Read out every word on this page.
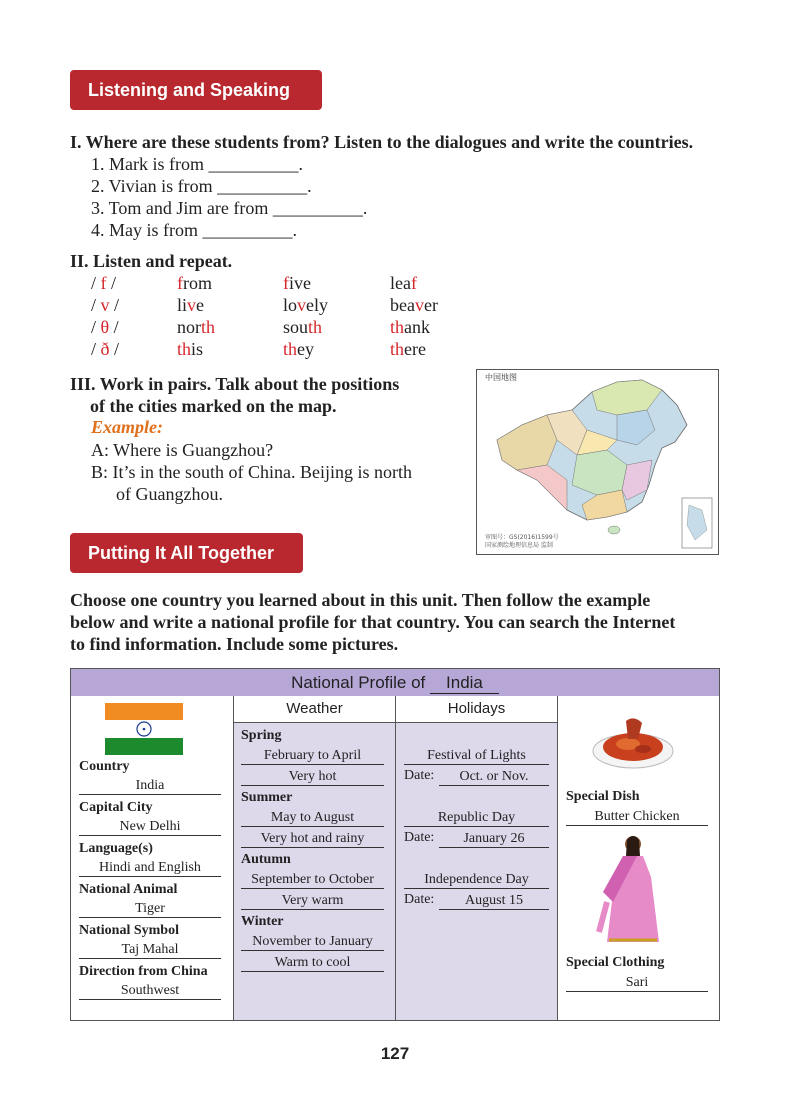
Listening and Speaking
I. Where are these students from? Listen to the dialogues and write the countries.
1. Mark is from __________.
2. Vivian is from __________.
3. Tom and Jim are from __________.
4. May is from __________.
II. Listen and repeat.
/ f /	from	five	leaf
/ v /	live	lovely	beaver
/ θ /	north	south	thank
/ ð /	this	they	there
III. Work in pairs. Talk about the positions
of the cities marked on the map.
Example:
A: Where is Guangzhou?
B: It’s in the south of China. Beijing is north
of Guangzhou.
中国地图
审图号：GS(2016)1599号
国家测绘地理信息局 监制
Putting It All Together
Choose one country you learned about in this unit. Then follow the example
below and write a national profile for that country. You can search the Internet
to find information. Include some pictures.
National Profile of India
Country
India
Capital City
New Delhi
Language(s)
Hindi and English
National Animal
Tiger
National Symbol
Taj Mahal
Direction from China
Southwest
Weather
Spring
February to April
Very hot
Summer
May to August
Very hot and rainy
Autumn
September to October
Very warm
Winter
November to January
Warm to cool
Holidays
Festival of Lights
Date:	Oct. or Nov.
Republic Day
Date:	January 26
Independence Day
Date:	August 15
Special Dish
Butter Chicken
Special Clothing
Sari
127
